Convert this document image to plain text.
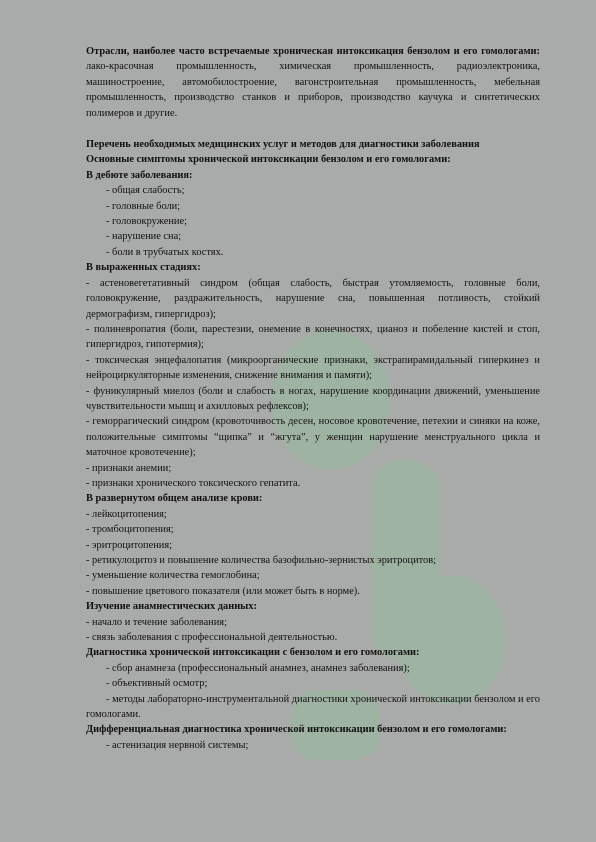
Отрасли, наиболее часто встречаемые хроническая интоксикация бензолом и его гомологами: лако-красочная промышленность, химическая промышленность, радиоэлектроника, машиностроение, автомобилостроение, вагонстроительная промышленность, мебельная промышленность, производство станков и приборов, производство каучука и синтетических полимеров и другие.

Перечень необходимых медицинских услуг и методов для диагностики заболевания

Основные симптомы хронической интоксикации бензолом и его гомологами:

В дебюте заболевания:

- общая слабость;

- головные боли;

- головокружение;

- нарушение сна;

- боли в трубчатых костях.

В выраженных стадиях:

- астеновегетативный синдром (общая слабость, быстрая утомляемость, головные боли, головокружение, раздражительность, нарушение сна, повышенная потливость, стойкий дермографизм, гипергидроз);

- полиневропатия (боли, парестезии, онемение в конечностях, цианоз и побеление кистей и стоп, гипергидроз, гипотермия);

- токсическая энцефалопатия (микроорганические признаки, экстрапирамидальный гиперкинез и нейроциркуляторные изменения, снижение внимания и памяти);

- фуникулярный миелоз (боли и слабость в ногах, нарушение координации движений, уменьшение чувствительности мышц и ахилловых рефлексов);

- геморрагический синдром (кровоточивость десен, носовое кровотечение, петехии и синяки на коже, положительные симптомы “щипка” и “жгута”, у женщин нарушение менструального цикла и маточное кровотечение);

- признаки анемии;

- признаки хронического токсического гепатита.

В развернутом общем анализе крови:

- лейкоцитопения;

- тромбоцитопения;

- эритроцитопения;

- ретикулоцитоз и повышение количества базофильно-зернистых эритроцитов;

- уменьшение количества гемоглобина;

- повышение цветового показателя (или может быть в норме).

Изучение анамнестических данных:

- начало и течение заболевания;

- связь заболевания с профессиональной деятельностью.

Диагностика хронической интоксикации с бензолом и его гомологами:

- сбор анамнеза (профессиональный анамнез, анамнез заболевания);

- объективный осмотр;

- методы лабораторно-инструментальной диагностики хронической интоксикации бензолом и его гомологами.

Дифференциальная диагностика хронической интоксикации бензолом и его гомологами:

- астенизация нервной системы;
